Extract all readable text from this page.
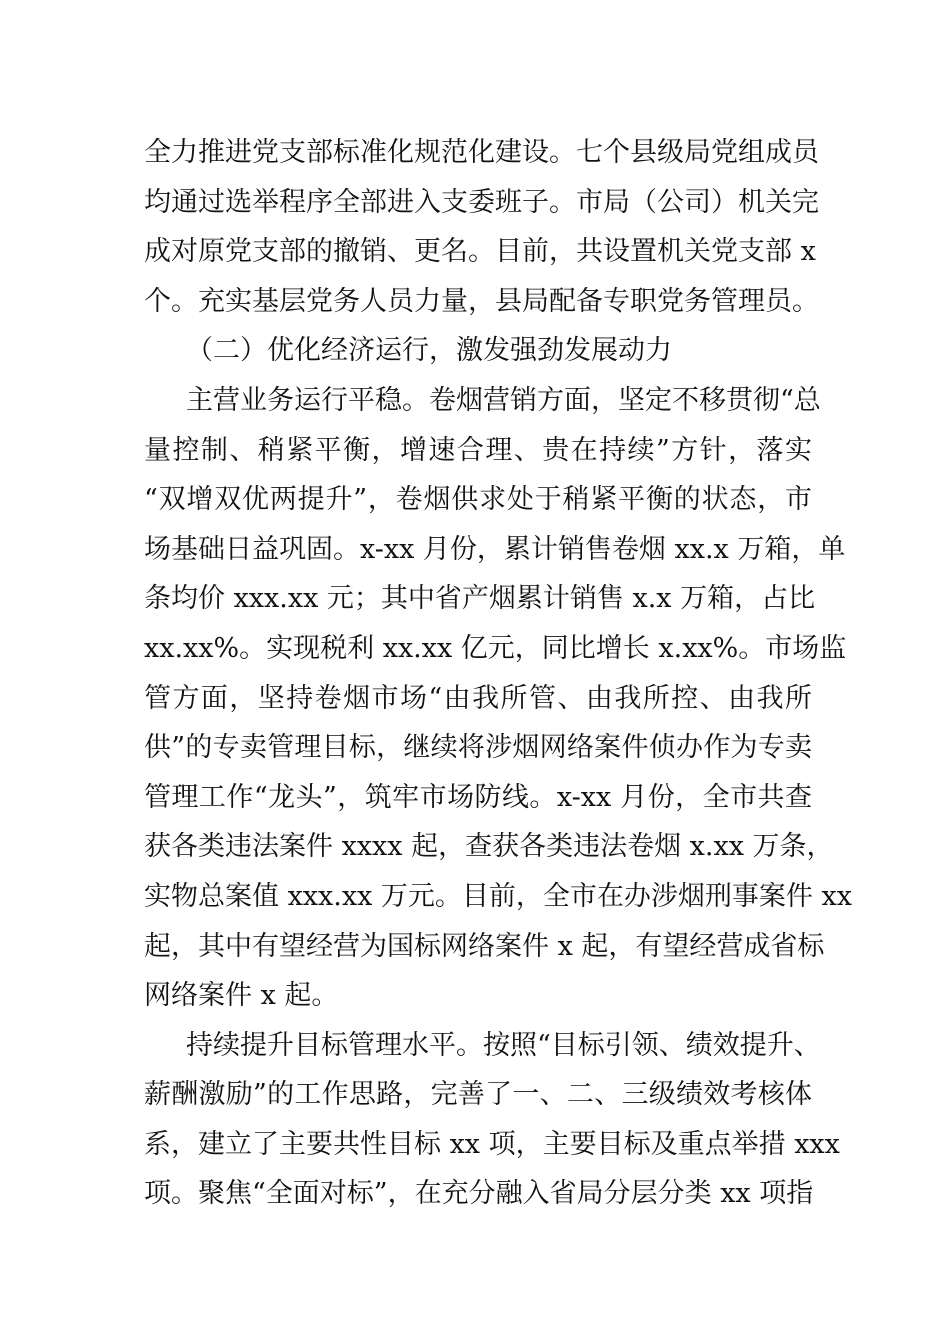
全力推进党支部标准化规范化建设。七个县级局党组成员
均通过选举程序全部进入支委班子。市局（公司）机关完
成对原党支部的撤销、更名。目前，共设置机关党支部 x
个。充实基层党务人员力量，县局配备专职党务管理员。
（二）优化经济运行，激发强劲发展动力
主营业务运行平稳。卷烟营销方面，坚定不移贯彻“总
量控制、稍紧平衡，增速合理、贵在持续”方针，落实
“双增双优两提升”，卷烟供求处于稍紧平衡的状态，市
场基础日益巩固。x-xx 月份，累计销售卷烟 xx.x 万箱，单
条均价 xxx.xx 元；其中省产烟累计销售 x.x 万箱，占比
xx.xx%。实现税利 xx.xx 亿元，同比增长 x.xx%。市场监
管方面，坚持卷烟市场“由我所管、由我所控、由我所
供”的专卖管理目标，继续将涉烟网络案件侦办作为专卖
管理工作“龙头”，筑牢市场防线。x-xx 月份，全市共查
获各类违法案件 xxxx 起，查获各类违法卷烟 x.xx 万条，
实物总案值 xxx.xx 万元。目前，全市在办涉烟刑事案件 xx
起，其中有望经营为国标网络案件 x 起，有望经营成省标
网络案件 x 起。
持续提升目标管理水平。按照“目标引领、绩效提升、
薪酬激励”的工作思路，完善了一、二、三级绩效考核体
系，建立了主要共性目标 xx 项，主要目标及重点举措 xxx
项。聚焦“全面对标”，在充分融入省局分层分类 xx 项指
